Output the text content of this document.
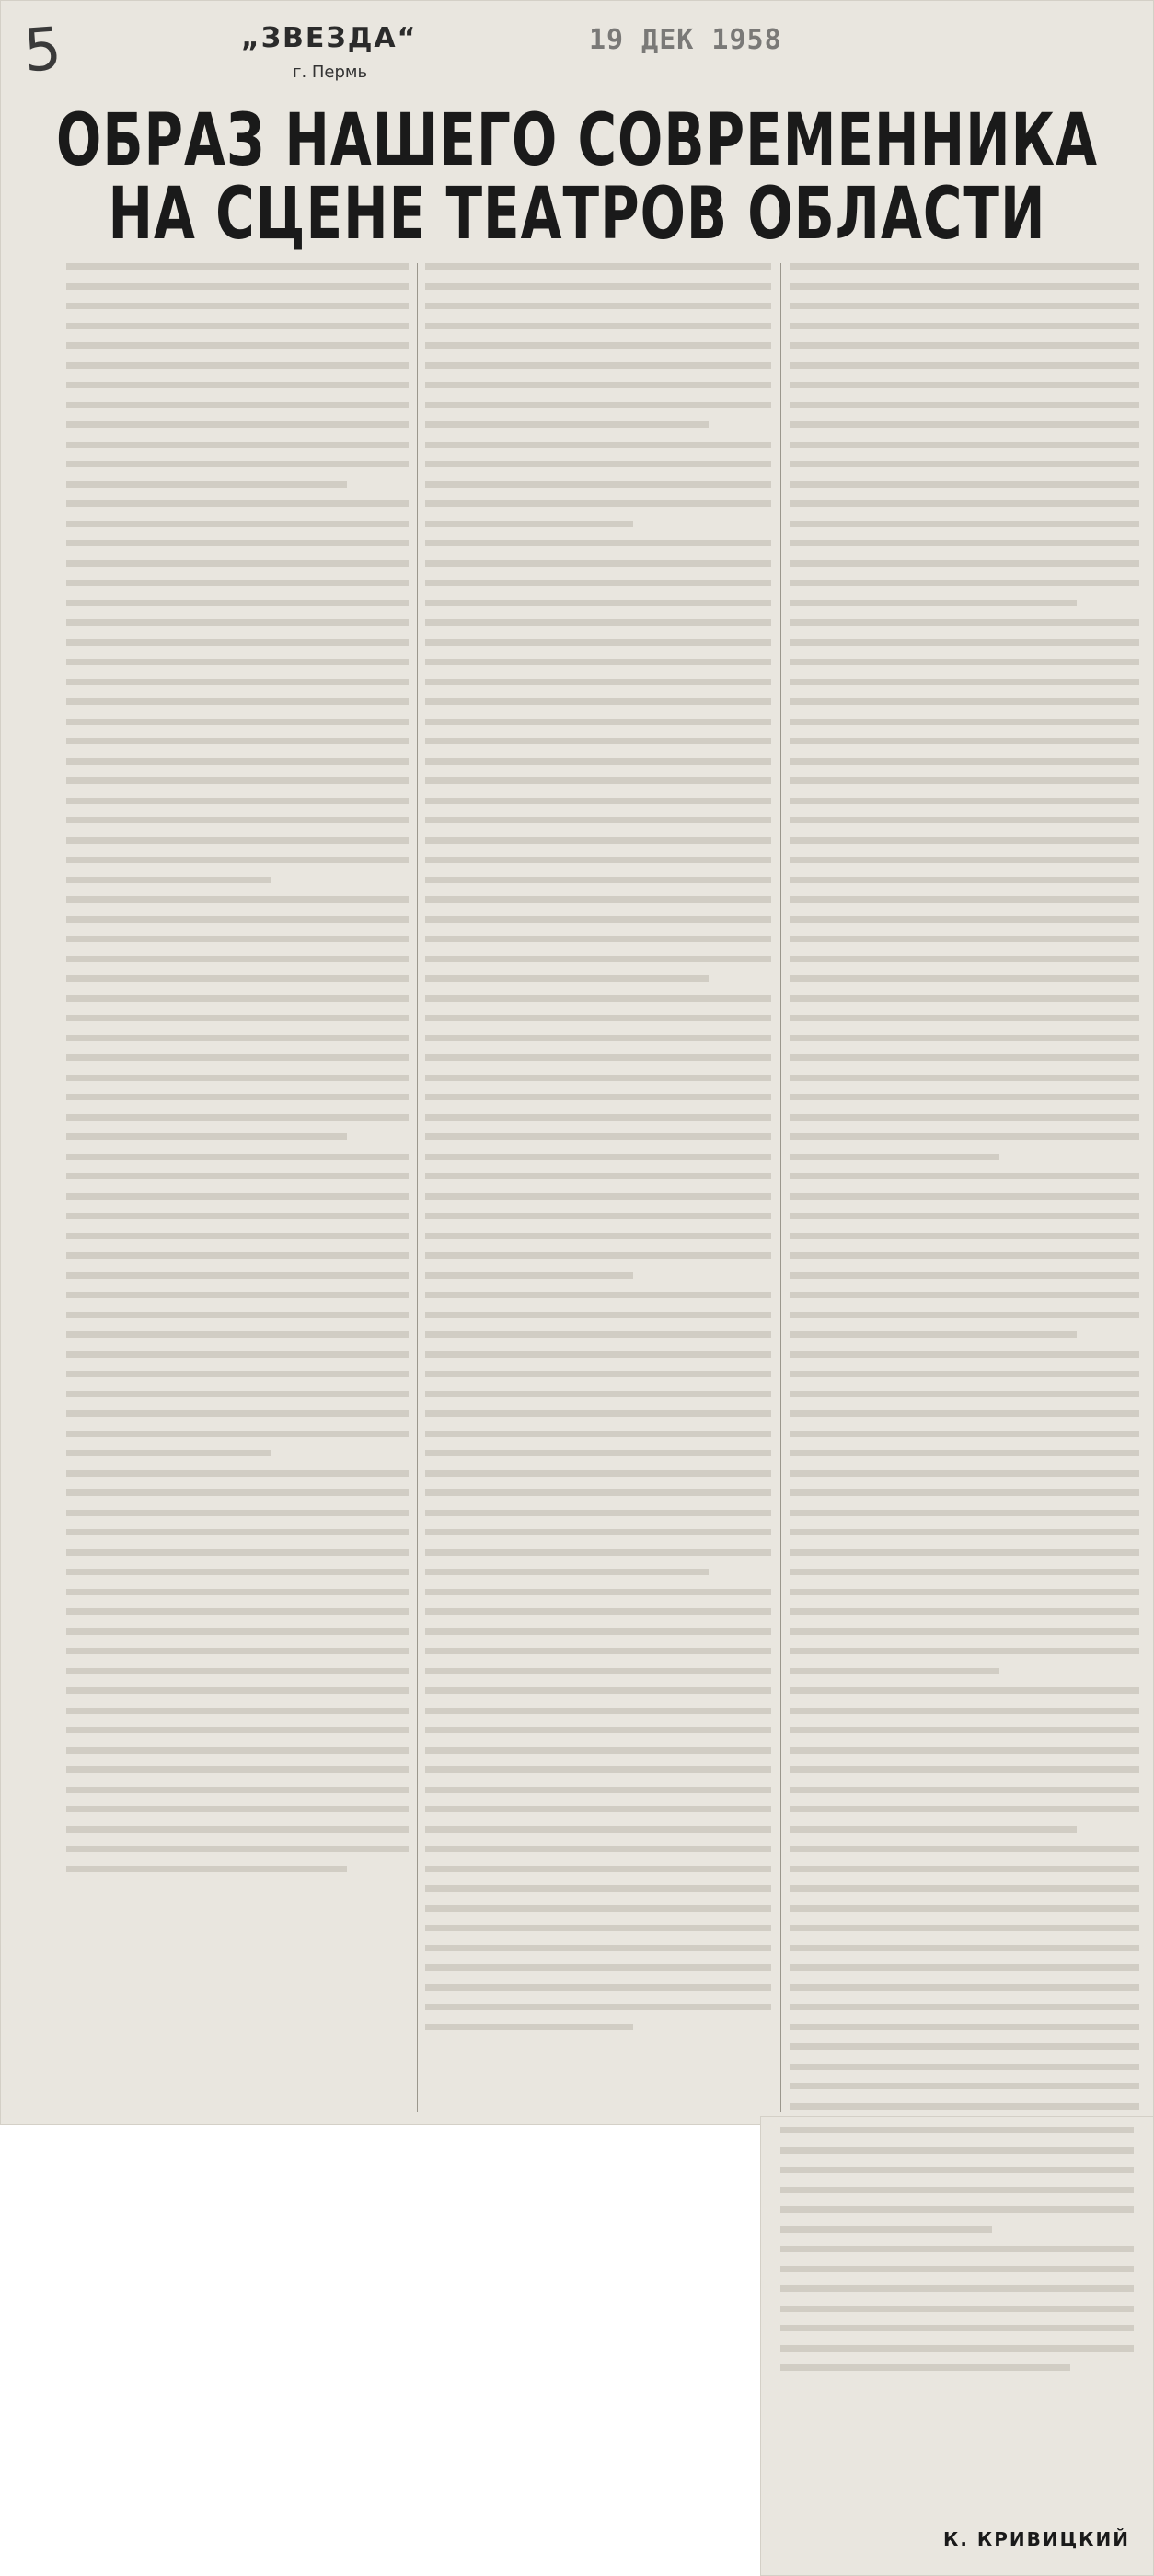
5	„ЗВЕЗДА“
г. Пермь
19 ДЕК 1958
ОБРАЗ НАШЕГО СОВРЕМЕННИКА
НА СЦЕНЕ ТЕАТРОВ ОБЛАСТИ
К. КРИВИЦКИЙ
